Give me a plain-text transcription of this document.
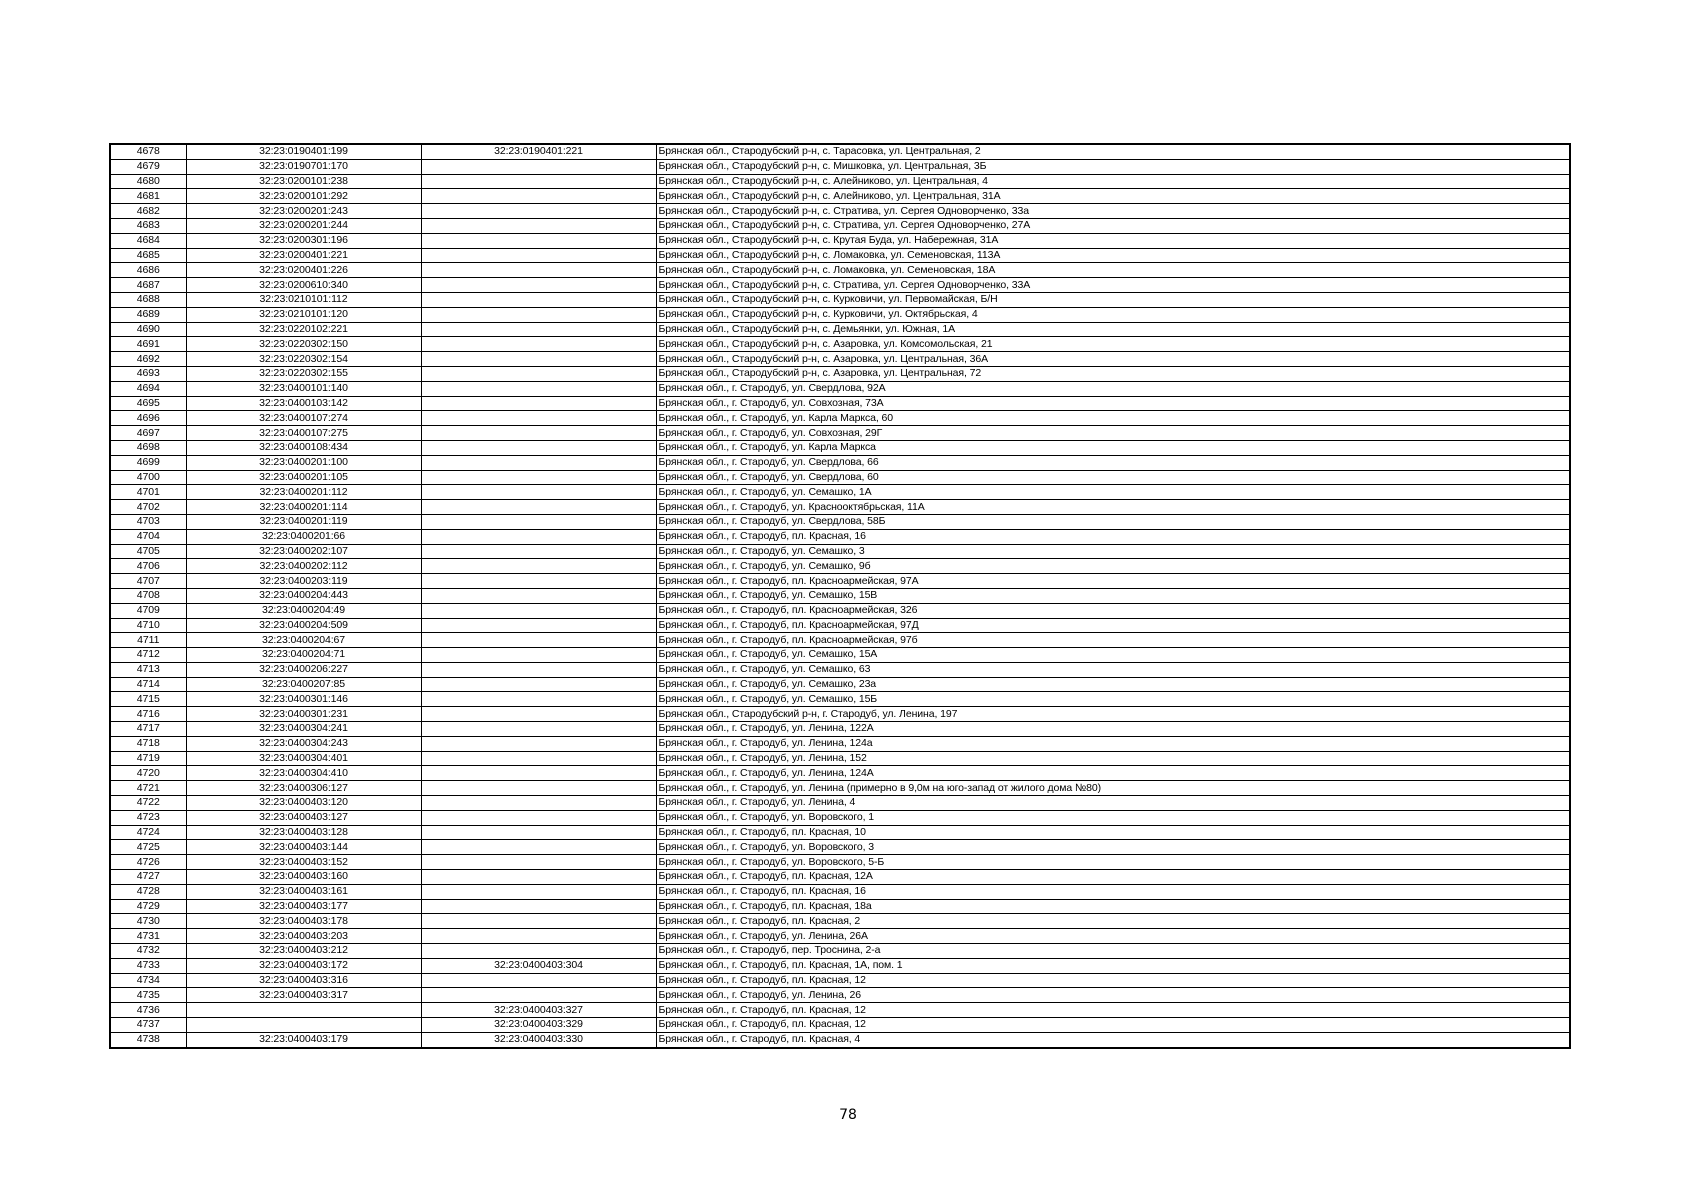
4678	32:23:0190401:199	32:23:0190401:221	Брянская обл., Стародубский р-н, с. Тарасовка, ул. Центральная, 2
4679	32:23:0190701:170		Брянская обл., Стародубский р-н, с. Мишковка, ул. Центральная, 3Б
4680	32:23:0200101:238		Брянская обл., Стародубский р-н, с. Алейниково, ул. Центральная, 4
4681	32:23:0200101:292		Брянская обл., Стародубский р-н, с. Алейниково, ул. Центральная, 31А
4682	32:23:0200201:243		Брянская обл., Стародубский р-н, с. Стратива, ул. Сергея Одноворченко, 33а
4683	32:23:0200201:244		Брянская обл., Стародубский р-н, с. Стратива, ул. Сергея Одноворченко, 27А
4684	32:23:0200301:196		Брянская обл., Стародубский р-н, с. Крутая Буда, ул. Набережная, 31А
4685	32:23:0200401:221		Брянская обл., Стародубский р-н, с. Ломаковка, ул. Семеновская, 113А
4686	32:23:0200401:226		Брянская обл., Стародубский р-н, с. Ломаковка, ул. Семеновская, 18А
4687	32:23:0200610:340		Брянская обл., Стародубский р-н, с. Стратива, ул. Сергея Одноворченко, 33А
4688	32:23:0210101:112		Брянская обл., Стародубский р-н, с. Курковичи, ул. Первомайская, Б/Н
4689	32:23:0210101:120		Брянская обл., Стародубский р-н, с. Курковичи, ул. Октябрьская, 4
4690	32:23:0220102:221		Брянская обл., Стародубский р-н, с. Демьянки, ул. Южная, 1А
4691	32:23:0220302:150		Брянская обл., Стародубский р-н, с. Азаровка, ул. Комсомольская, 21
4692	32:23:0220302:154		Брянская обл., Стародубский р-н, с. Азаровка, ул. Центральная, 36А
4693	32:23:0220302:155		Брянская обл., Стародубский р-н, с. Азаровка, ул. Центральная, 72
4694	32:23:0400101:140		Брянская обл., г. Стародуб, ул. Свердлова, 92А
4695	32:23:0400103:142		Брянская обл., г. Стародуб, ул. Совхозная, 73А
4696	32:23:0400107:274		Брянская обл., г. Стародуб, ул. Карла Маркса, 60
4697	32:23:0400107:275		Брянская обл., г. Стародуб, ул. Совхозная, 29Г
4698	32:23:0400108:434		Брянская обл., г. Стародуб, ул. Карла Маркса
4699	32:23:0400201:100		Брянская обл., г. Стародуб, ул. Свердлова, 66
4700	32:23:0400201:105		Брянская обл., г. Стародуб, ул. Свердлова, 60
4701	32:23:0400201:112		Брянская обл., г. Стародуб, ул. Семашко, 1А
4702	32:23:0400201:114		Брянская обл., г. Стародуб, ул. Краснооктябрьская, 11А
4703	32:23:0400201:119		Брянская обл., г. Стародуб, ул. Свердлова, 58Б
4704	32:23:0400201:66		Брянская обл., г. Стародуб, пл. Красная, 16
4705	32:23:0400202:107		Брянская обл., г. Стародуб, ул. Семашко, 3
4706	32:23:0400202:112		Брянская обл., г. Стародуб, ул. Семашко, 9б
4707	32:23:0400203:119		Брянская обл., г. Стародуб, пл. Красноармейская, 97А
4708	32:23:0400204:443		Брянская обл., г. Стародуб, ул. Семашко, 15В
4709	32:23:0400204:49		Брянская обл., г. Стародуб, пл. Красноармейская, 326
4710	32:23:0400204:509		Брянская обл., г. Стародуб, пл. Красноармейская, 97Д
4711	32:23:0400204:67		Брянская обл., г. Стародуб, пл. Красноармейская, 97б
4712	32:23:0400204:71		Брянская обл., г. Стародуб, ул. Семашко, 15А
4713	32:23:0400206:227		Брянская обл., г. Стародуб, ул. Семашко, 63
4714	32:23:0400207:85		Брянская обл., г. Стародуб, ул. Семашко, 23а
4715	32:23:0400301:146		Брянская обл., г. Стародуб, ул. Семашко, 15Б
4716	32:23:0400301:231		Брянская обл., Стародубский р-н, г. Стародуб, ул. Ленина, 197
4717	32:23:0400304:241		Брянская обл., г. Стародуб, ул. Ленина, 122А
4718	32:23:0400304:243		Брянская обл., г. Стародуб, ул. Ленина, 124а
4719	32:23:0400304:401		Брянская обл., г. Стародуб, ул. Ленина, 152
4720	32:23:0400304:410		Брянская обл., г. Стародуб, ул. Ленина, 124А
4721	32:23:0400306:127		Брянская обл., г. Стародуб, ул. Ленина (примерно в 9,0м на юго-запад от жилого дома №80)
4722	32:23:0400403:120		Брянская обл., г. Стародуб, ул. Ленина, 4
4723	32:23:0400403:127		Брянская обл., г. Стародуб, ул. Воровского, 1
4724	32:23:0400403:128		Брянская обл., г. Стародуб, пл. Красная, 10
4725	32:23:0400403:144		Брянская обл., г. Стародуб, ул. Воровского, 3
4726	32:23:0400403:152		Брянская обл., г. Стародуб, ул. Воровского, 5-Б
4727	32:23:0400403:160		Брянская обл., г. Стародуб, пл. Красная, 12А
4728	32:23:0400403:161		Брянская обл., г. Стародуб, пл. Красная, 16
4729	32:23:0400403:177		Брянская обл., г. Стародуб, пл. Красная, 18а
4730	32:23:0400403:178		Брянская обл., г. Стародуб, пл. Красная, 2
4731	32:23:0400403:203		Брянская обл., г. Стародуб, ул. Ленина, 26А
4732	32:23:0400403:212		Брянская обл., г. Стародуб, пер. Троснина, 2-а
4733	32:23:0400403:172	32:23:0400403:304	Брянская обл., г. Стародуб, пл. Красная, 1А, пом. 1
4734	32:23:0400403:316		Брянская обл., г. Стародуб, пл. Красная, 12
4735	32:23:0400403:317		Брянская обл., г. Стародуб, ул. Ленина, 26
4736		32:23:0400403:327	Брянская обл., г. Стародуб, пл. Красная, 12
4737		32:23:0400403:329	Брянская обл., г. Стародуб, пл. Красная, 12
4738	32:23:0400403:179	32:23:0400403:330	Брянская обл., г. Стародуб, пл. Красная, 4
78
